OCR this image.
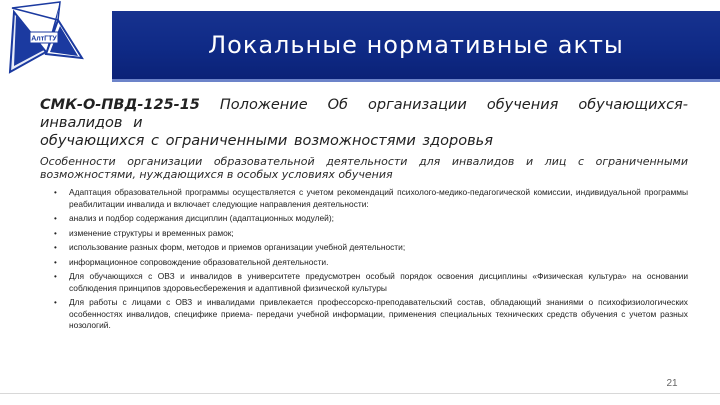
АлтГТУ	Локальные нормативные акты

СМК-О-ПВД-125-15 Положение Об организации обучения обучающихся-инвалидов и
обучающихся с ограниченными возможностями здоровья

Особенности организации образовательной деятельности для инвалидов и лиц с ограниченными возможностями, нуждающихся в особых условиях обучения

• Адаптация образовательной программы осуществляется с учетом рекомендаций психолого-медико-педагогической комиссии, индивидуальной программы реабилитации инвалида и включает следующие направления деятельности:
• анализ и подбор содержания дисциплин (адаптационных модулей);
• изменение структуры и временных рамок;
• использование разных форм, методов и приемов организации учебной деятельности;
• информационное сопровождение образовательной деятельности.
• Для обучающихся с ОВЗ и инвалидов в университете предусмотрен особый порядок освоения дисциплины «Физическая культура» на основании соблюдения принципов здоровьесбережения и адаптивной физической культуры
• Для работы с лицами с ОВЗ и инвалидами привлекается профессорско-преподавательский состав, обладающий знаниями о психофизиологических особенностях инвалидов, специфике приема- передачи учебной информации, применения специальных технических средств обучения с учетом разных нозологий.
21
